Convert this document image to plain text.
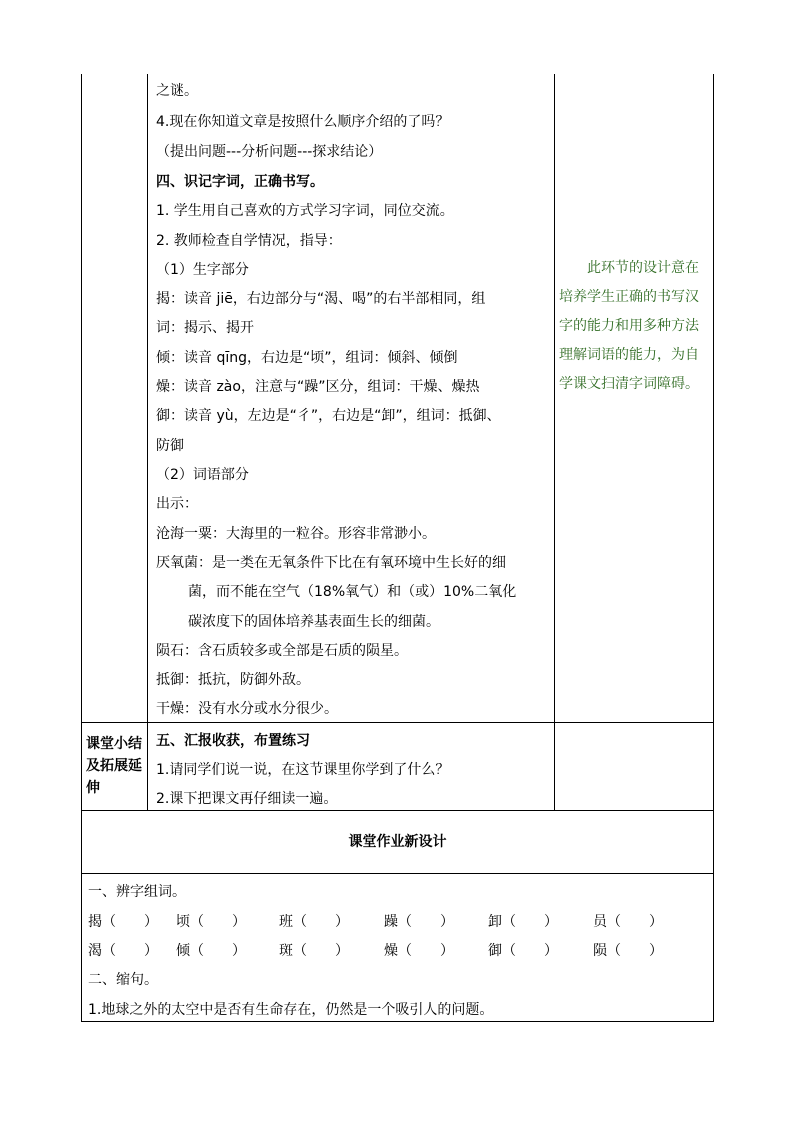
之谜。
4.现在你知道文章是按照什么顺序介绍的了吗？
（提出问题---分析问题---探求结论）
四、识记字词，正确书写。
1. 学生用自己喜欢的方式学习字词，同位交流。
2. 教师检查自学情况，指导：
（1）生字部分
揭：读音 jiē，右边部分与“渴、喝”的右半部相同，组
词：揭示、揭开
倾：读音 qīng，右边是“顷”，组词：倾斜、倾倒
燥：读音 zào，注意与“躁”区分，组词：干燥、燥热
御：读音 yù，左边是“彳”，右边是“卸”，组词：抵御、
防御
（2）词语部分
出示：
沧海一粟：大海里的一粒谷。形容非常渺小。
厌氧菌：是一类在无氧条件下比在有氧环境中生长好的细
菌，而不能在空气（18%氧气）和（或）10%二氧化
碳浓度下的固体培养基表面生长的细菌。
陨石：含石质较多或全部是石质的陨星。
抵御：抵抗，防御外敌。
干燥：没有水分或水分很少。
此环节的设计意在培养学生正确的书写汉字的能力和用多种方法理解词语的能力，为自学课文扫清字词障碍。
课堂小结及拓展延伸
五、汇报收获，布置练习
1.请同学们说一说，在这节课里你学到了什么？
2.课下把课文再仔细读一遍。
课堂作业新设计
一、辨字组词。
揭（　　） 顷（　　） 班（　　）	躁（　　） 卸（　　）	员（　　）
渴（　　） 倾（　　） 斑（　　）	燥（　　） 御（　　）	陨（　　）
二、缩句。
1.地球之外的太空中是否有生命存在，仍然是一个吸引人的问题。
